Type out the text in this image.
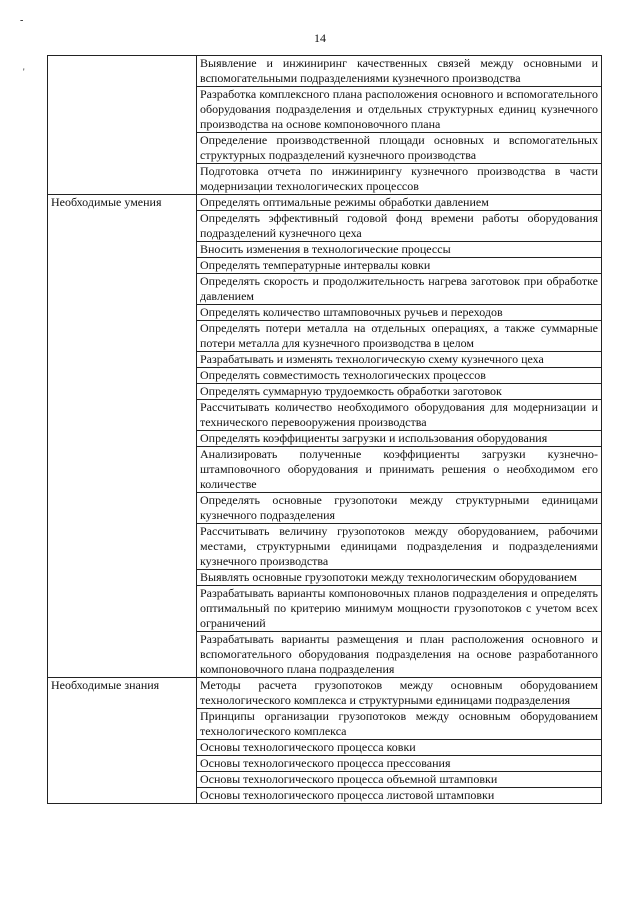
14
-
'
	Выявление и инжиниринг качественных связей между основными и вспомогательными подразделениями кузнечного производства
	Разработка комплексного плана расположения основного и вспомогательного оборудования подразделения и отдельных структурных единиц кузнечного производства на основе компоновочного плана
	Определение производственной площади основных и вспомогательных структурных подразделений кузнечного производства
	Подготовка отчета по инжинирингу кузнечного производства в части модернизации технологических процессов
Необходимые умения	Определять оптимальные режимы обработки давлением
	Определять эффективный годовой фонд времени работы оборудования подразделений кузнечного цеха
	Вносить изменения в технологические процессы
	Определять температурные интервалы ковки
	Определять скорость и продолжительность нагрева заготовок при обработке давлением
	Определять количество штамповочных ручьев и переходов
	Определять потери металла на отдельных операциях, а также суммарные потери металла для кузнечного производства в целом
	Разрабатывать и изменять технологическую схему кузнечного цеха
	Определять совместимость технологических процессов
	Определять суммарную трудоемкость обработки заготовок
	Рассчитывать количество необходимого оборудования для модернизации и технического перевооружения производства
	Определять коэффициенты загрузки и использования оборудования
	Анализировать полученные коэффициенты загрузки кузнечно-штамповочного оборудования и принимать решения о необходимом его количестве
	Определять основные грузопотоки между структурными единицами кузнечного подразделения
	Рассчитывать величину грузопотоков между оборудованием, рабочими местами, структурными единицами подразделения и подразделениями кузнечного производства
	Выявлять основные грузопотоки между технологическим оборудованием
	Разрабатывать варианты компоновочных планов подразделения и определять оптимальный по критерию минимум мощности грузопотоков с учетом всех ограничений
	Разрабатывать варианты размещения и план расположения основного и вспомогательного оборудования подразделения на основе разработанного компоновочного плана подразделения
Необходимые знания	Методы расчета грузопотоков между основным оборудованием технологического комплекса и структурными единицами подразделения
	Принципы организации грузопотоков между основным оборудованием технологического комплекса
	Основы технологического процесса ковки
	Основы технологического процесса прессования
	Основы технологического процесса объемной штамповки
	Основы технологического процесса листовой штамповки
